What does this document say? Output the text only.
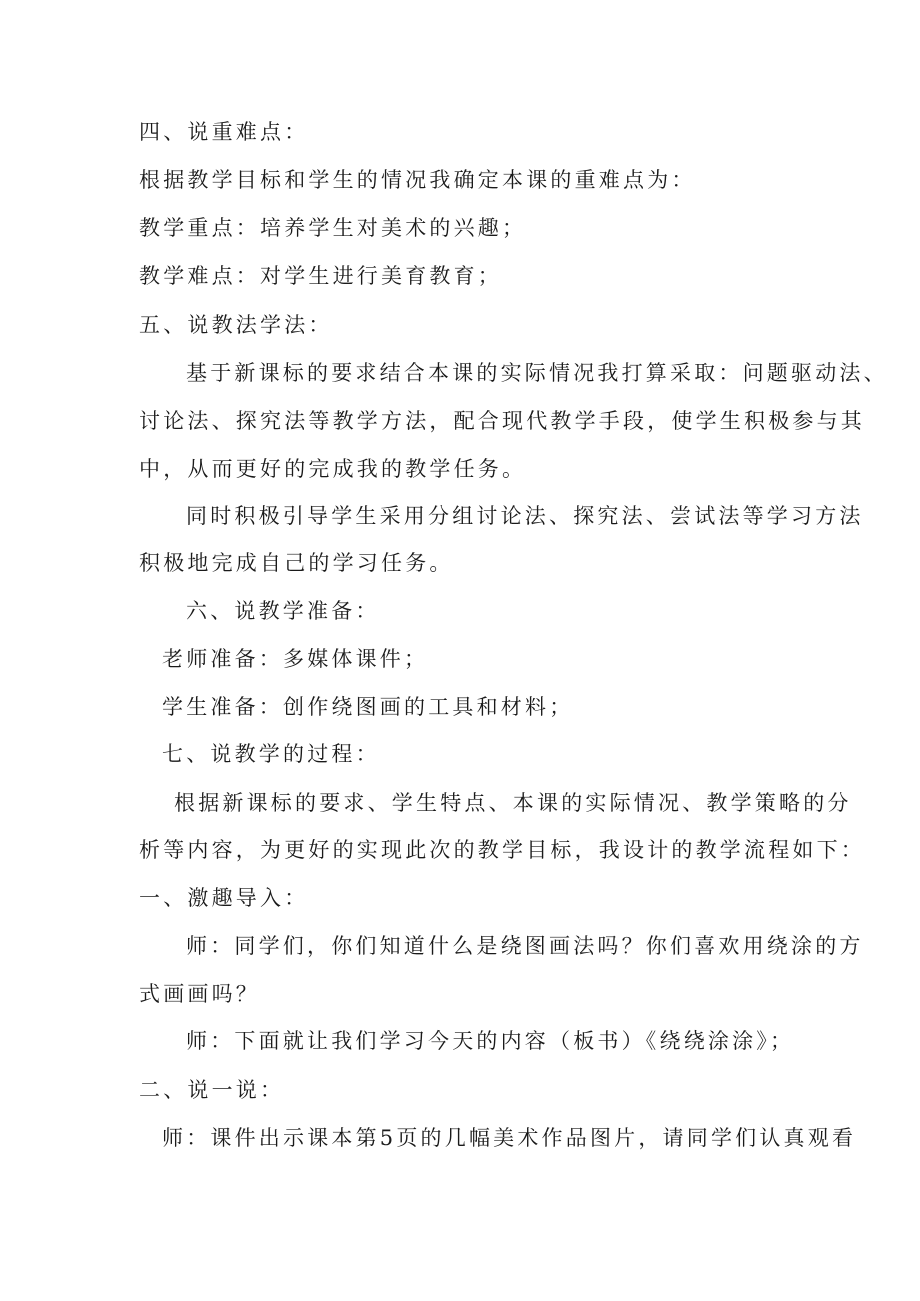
四、说重难点：
根据教学目标和学生的情况我确定本课的重难点为：
教学重点：培养学生对美术的兴趣；
教学难点：对学生进行美育教育；
五、说教法学法：
基于新课标的要求结合本课的实际情况我打算采取：问题驱动法、
讨论法、探究法等教学方法，配合现代教学手段，使学生积极参与其
中，从而更好的完成我的教学任务。
同时积极引导学生采用分组讨论法、探究法、尝试法等学习方法
积极地完成自己的学习任务。
六、说教学准备：
老师准备：多媒体课件；
学生准备：创作绕图画的工具和材料；
七、说教学的过程：
根据新课标的要求、学生特点、本课的实际情况、教学策略的分
析等内容，为更好的实现此次的教学目标，我设计的教学流程如下：
一、激趣导入：
师：同学们，你们知道什么是绕图画法吗？你们喜欢用绕涂的方
式画画吗？
师：下面就让我们学习今天的内容（板书）《绕绕涂涂》；
二、说一说：
师：课件出示课本第5页的几幅美术作品图片，请同学们认真观看
